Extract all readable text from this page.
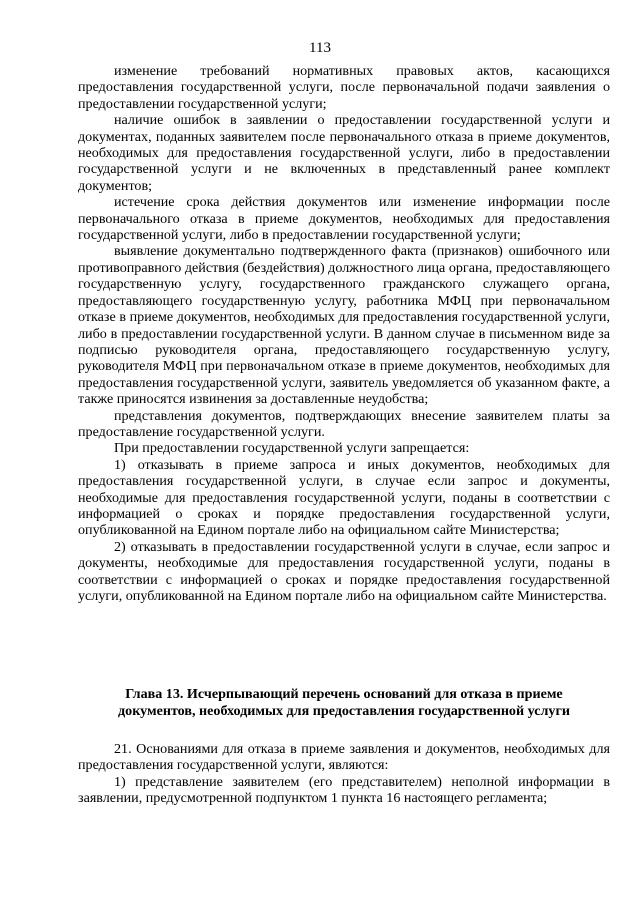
113

изменение требований нормативных правовых актов, касающихся предоставления государственной услуги, после первоначальной подачи заявления о предоставлении государственной услуги;

наличие ошибок в заявлении о предоставлении государственной услуги и документах, поданных заявителем после первоначального отказа в приеме документов, необходимых для предоставления государственной услуги, либо в предоставлении государственной услуги и не включенных в представленный ранее комплект документов;

истечение срока действия документов или изменение информации после первоначального отказа в приеме документов, необходимых для предоставления государственной услуги, либо в предоставлении государственной услуги;

выявление документально подтвержденного факта (признаков) ошибочного или противоправного действия (бездействия) должностного лица органа, предоставляющего государственную услугу, государственного гражданского служащего органа, предоставляющего государственную услугу, работника МФЦ при первоначальном отказе в приеме документов, необходимых для предоставления государственной услуги, либо в предоставлении государственной услуги. В данном случае в письменном виде за подписью руководителя органа, предоставляющего государственную услугу, руководителя МФЦ при первоначальном отказе в приеме документов, необходимых для предоставления государственной услуги, заявитель уведомляется об указанном факте, а также приносятся извинения за доставленные неудобства;

представления документов, подтверждающих внесение заявителем платы за предоставление государственной услуги.

При предоставлении государственной услуги запрещается:

1) отказывать в приеме запроса и иных документов, необходимых для предоставления государственной услуги, в случае если запрос и документы, необходимые для предоставления государственной услуги, поданы в соответствии с информацией о сроках и порядке предоставления государственной услуги, опубликованной на Едином портале либо на официальном сайте Министерства;

2) отказывать в предоставлении государственной услуги в случае, если запрос и документы, необходимые для предоставления государственной услуги, поданы в соответствии с информацией о сроках и порядке предоставления государственной услуги, опубликованной на Едином портале либо на официальном сайте Министерства.

Глава 13. Исчерпывающий перечень оснований для отказа в приеме
документов, необходимых для предоставления государственной услуги

21. Основаниями для отказа в приеме заявления и документов, необходимых для предоставления государственной услуги, являются:

1) представление заявителем (его представителем) неполной информации в заявлении, предусмотренной подпунктом 1 пункта 16 настоящего регламента;
